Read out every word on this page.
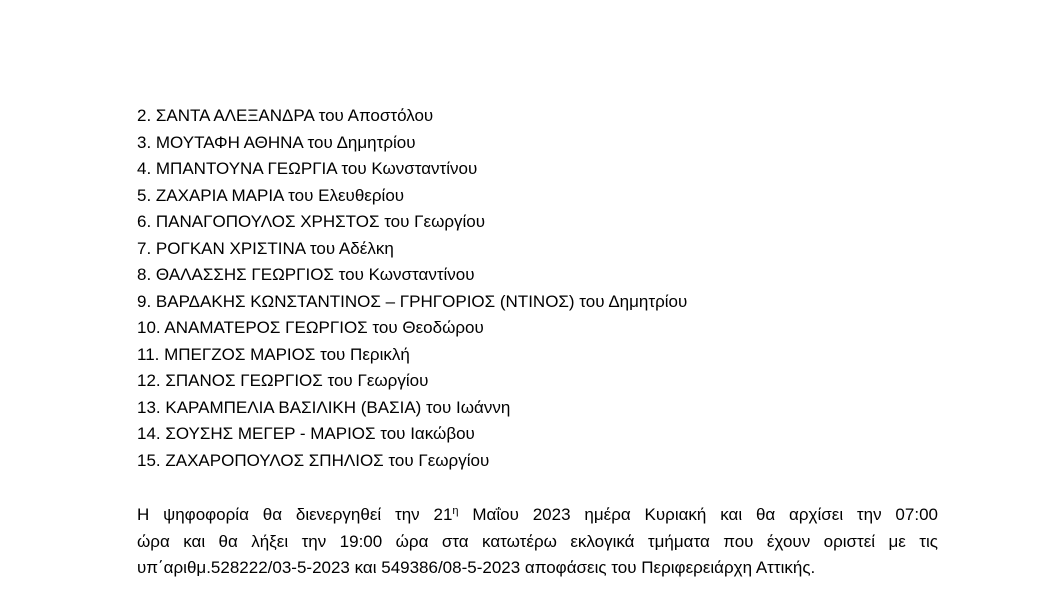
2. ΣΑΝΤΑ ΑΛΕΞΑΝΔΡΑ του Αποστόλου
3. ΜΟΥΤΑΦΗ ΑΘΗΝΑ του Δημητρίου
4. ΜΠΑΝΤΟΥΝΑ ΓΕΩΡΓΙΑ του Κωνσταντίνου
5. ΖΑΧΑΡΙΑ ΜΑΡΙΑ του Ελευθερίου
6. ΠΑΝΑΓΟΠΟΥΛΟΣ ΧΡΗΣΤΟΣ του Γεωργίου
7. ΡΟΓΚΑΝ ΧΡΙΣΤΙΝΑ του Αδέλκη
8. ΘΑΛΑΣΣΗΣ ΓΕΩΡΓΙΟΣ του Κωνσταντίνου
9. ΒΑΡΔΑΚΗΣ ΚΩΝΣΤΑΝΤΙΝΟΣ – ΓΡΗΓΟΡΙΟΣ (ΝΤΙΝΟΣ) του Δημητρίου
10. ΑΝΑΜΑΤΕΡΟΣ ΓΕΩΡΓΙΟΣ του Θεοδώρου
11. ΜΠΕΓΖΟΣ ΜΑΡΙΟΣ του Περικλή
12. ΣΠΑΝΟΣ ΓΕΩΡΓΙΟΣ του Γεωργίου
13. ΚΑΡΑΜΠΕΛΙΑ ΒΑΣΙΛΙΚΗ (ΒΑΣΙΑ) του Ιωάννη
14. ΣΟΥΣΗΣ ΜΕΓΕΡ - ΜΑΡΙΟΣ του Ιακώβου
15. ΖΑΧΑΡΟΠΟΥΛΟΣ ΣΠΗΛΙΟΣ του Γεωργίου

Η ψηφοφορία θα διενεργηθεί την $21^\eta$ Μαΐου 2023 ημέρα Κυριακή και θα αρχίσει την 07:00
ώρα και θα λήξει την 19:00 ώρα στα κατωτέρω εκλογικά τμήματα που έχουν οριστεί με τις
υπ΄αριθμ.528222/03-5-2023 και 549386/08-5-2023 αποφάσεις του Περιφερειάρχη Αττικής.
